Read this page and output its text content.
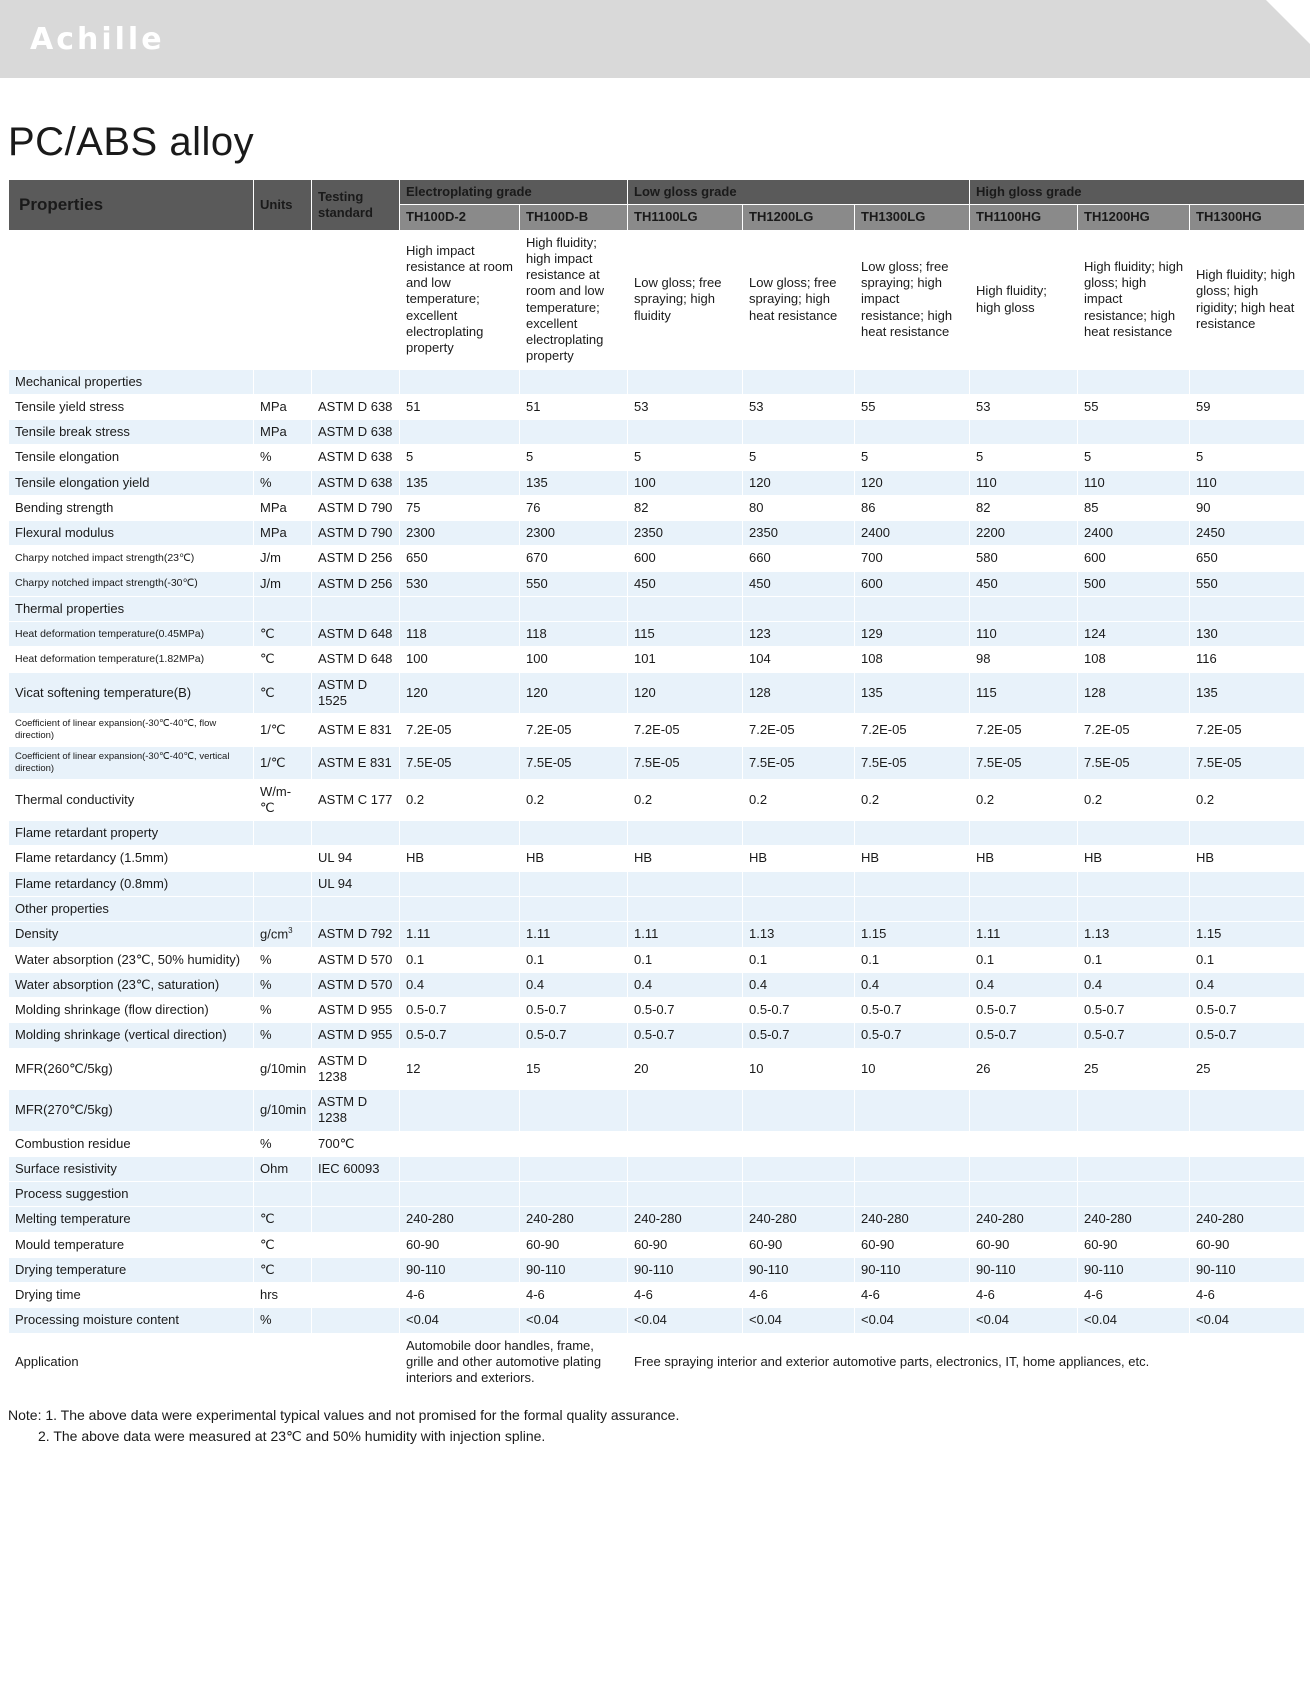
Achille
PC/ABS alloy
Properties	Units	Testing standard	Electroplating grade		Low gloss grade			High gloss grade		
			TH100D-2	TH100D-B	TH1100LG	TH1200LG	TH1300LG	TH1100HG	TH1200HG	TH1300HG
			High impact resistance at room and low temperature; excellent electroplating property	High fluidity; high impact resistance at room and low temperature; excellent electroplating property	Low gloss; free spraying; high fluidity	Low gloss; free spraying; high heat resistance	Low gloss; free spraying; high impact resistance; high heat resistance	High fluidity; high gloss	High fluidity; high gloss; high impact resistance; high heat resistance	High fluidity; high gloss; high rigidity; high heat resistance
Mechanical properties										
Tensile yield stress	MPa	ASTM D 638	51	51	53	53	55	53	55	59
Tensile break stress	MPa	ASTM D 638								
Tensile elongation	%	ASTM D 638	5	5	5	5	5	5	5	5
Tensile elongation yield	%	ASTM D 638	135	135	100	120	120	110	110	110
Bending strength	MPa	ASTM D 790	75	76	82	80	86	82	85	90
Flexural modulus	MPa	ASTM D 790	2300	2300	2350	2350	2400	2200	2400	2450
Charpy notched impact strength(23℃)	J/m	ASTM D 256	650	670	600	660	700	580	600	650
Charpy notched impact strength(-30℃)	J/m	ASTM D 256	530	550	450	450	600	450	500	550
Thermal properties										
Heat deformation temperature(0.45MPa)	℃	ASTM D 648	118	118	115	123	129	110	124	130
Heat deformation temperature(1.82MPa)	℃	ASTM D 648	100	100	101	104	108	98	108	116
Vicat softening temperature(B)	℃	ASTM D 1525	120	120	120	128	135	115	128	135
Coefficient of linear expansion(-30℃-40℃, flow direction)	1/℃	ASTM E 831	7.2E-05	7.2E-05	7.2E-05	7.2E-05	7.2E-05	7.2E-05	7.2E-05	7.2E-05
Coefficient of linear expansion(-30℃-40℃, vertical direction)	1/℃	ASTM E 831	7.5E-05	7.5E-05	7.5E-05	7.5E-05	7.5E-05	7.5E-05	7.5E-05	7.5E-05
Thermal conductivity	W/m-℃	ASTM C 177	0.2	0.2	0.2	0.2	0.2	0.2	0.2	0.2
Flame retardant property										
Flame retardancy (1.5mm)		UL 94	HB	HB	HB	HB	HB	HB	HB	HB
Flame retardancy (0.8mm)		UL 94								
Other properties										
Density	$g/cm^3$	ASTM D 792	1.11	1.11	1.11	1.13	1.15	1.11	1.13	1.15
Water absorption (23℃, 50% humidity)	%	ASTM D 570	0.1	0.1	0.1	0.1	0.1	0.1	0.1	0.1
Water absorption (23℃, saturation)	%	ASTM D 570	0.4	0.4	0.4	0.4	0.4	0.4	0.4	0.4
Molding shrinkage (flow direction)	%	ASTM D 955	0.5-0.7	0.5-0.7	0.5-0.7	0.5-0.7	0.5-0.7	0.5-0.7	0.5-0.7	0.5-0.7
Molding shrinkage (vertical direction)	%	ASTM D 955	0.5-0.7	0.5-0.7	0.5-0.7	0.5-0.7	0.5-0.7	0.5-0.7	0.5-0.7	0.5-0.7
MFR(260℃/5kg)	g/10min	ASTM D 1238	12	15	20	10	10	26	25	25
MFR(270℃/5kg)	g/10min	ASTM D 1238								
Combustion residue	%	700℃								
Surface resistivity	Ohm	IEC 60093								
Process suggestion										
Melting temperature	℃		240-280	240-280	240-280	240-280	240-280	240-280	240-280	240-280
Mould temperature	℃		60-90	60-90	60-90	60-90	60-90	60-90	60-90	60-90
Drying temperature	℃		90-110	90-110	90-110	90-110	90-110	90-110	90-110	90-110
Drying time	hrs		4-6	4-6	4-6	4-6	4-6	4-6	4-6	4-6
Processing moisture content	%		<0.04	<0.04	<0.04	<0.04	<0.04	<0.04	<0.04	<0.04
Application			Automobile door handles, frame, grille and other automotive plating interiors and exteriors.		Free spraying interior and exterior automotive parts, electronics, IT, home appliances, etc.					
Note: 1. The above data were experimental typical values and not promised for the formal quality assurance.
2. The above data were measured at 23℃ and 50% humidity with injection spline.
